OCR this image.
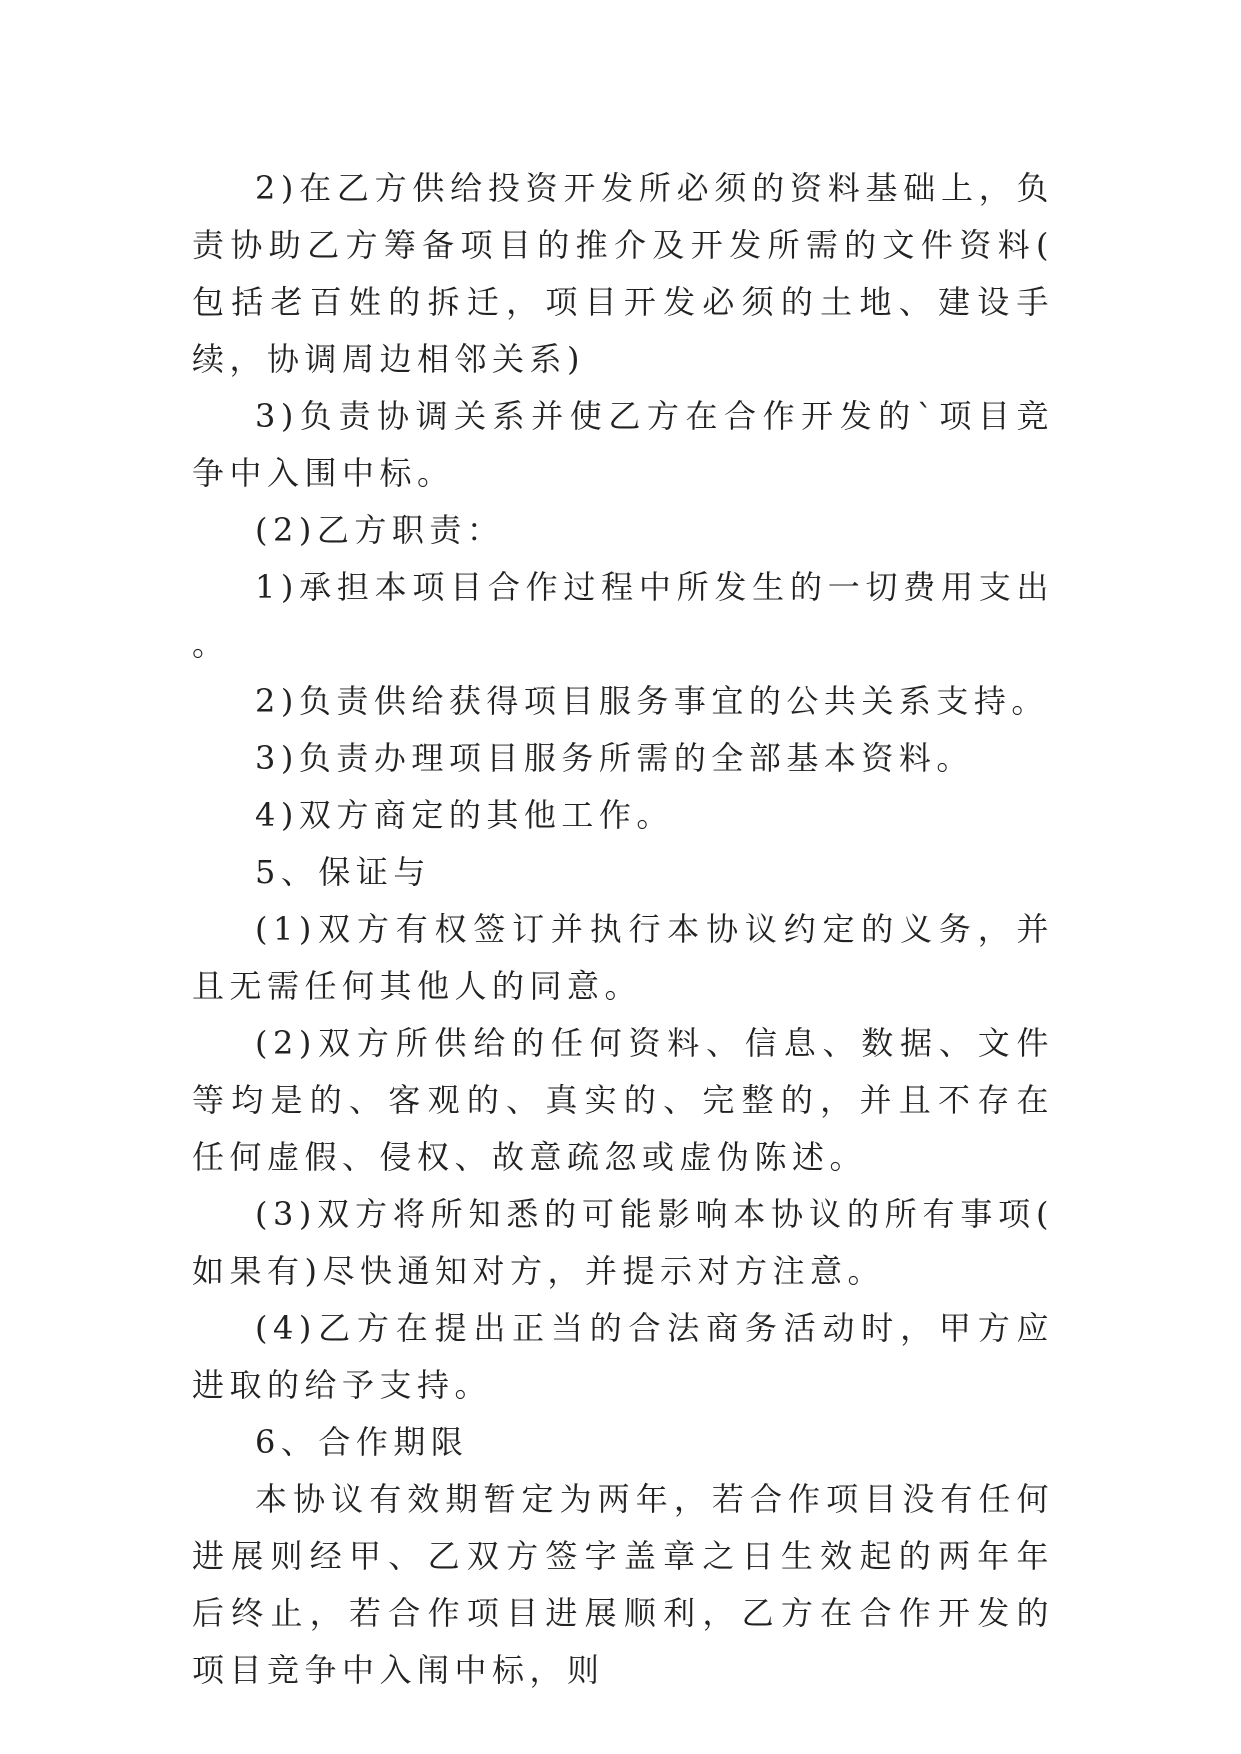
2)在乙方供给投资开发所必须的资料基础上，负责协助乙方筹备项目的推介及开发所需的文件资料(包括老百姓的拆迁，项目开发必须的土地、建设手续，协调周边相邻关系)

3)负责协调关系并使乙方在合作开发的`项目竞争中入围中标。

(2)乙方职责：

1)承担本项目合作过程中所发生的一切费用支出。

2)负责供给获得项目服务事宜的公共关系支持。

3)负责办理项目服务所需的全部基本资料。

4)双方商定的其他工作。

5、保证与

(1)双方有权签订并执行本协议约定的义务，并且无需任何其他人的同意。

(2)双方所供给的任何资料、信息、数据、文件等均是的、客观的、真实的、完整的，并且不存在任何虚假、侵权、故意疏忽或虚伪陈述。

(3)双方将所知悉的可能影响本协议的所有事项(如果有)尽快通知对方，并提示对方注意。

(4)乙方在提出正当的合法商务活动时，甲方应进取的给予支持。

6、合作期限

本协议有效期暂定为两年，若合作项目没有任何进展则经甲、乙双方签字盖章之日生效起的两年年后终止，若合作项目进展顺利，乙方在合作开发的项目竞争中入闱中标，则
